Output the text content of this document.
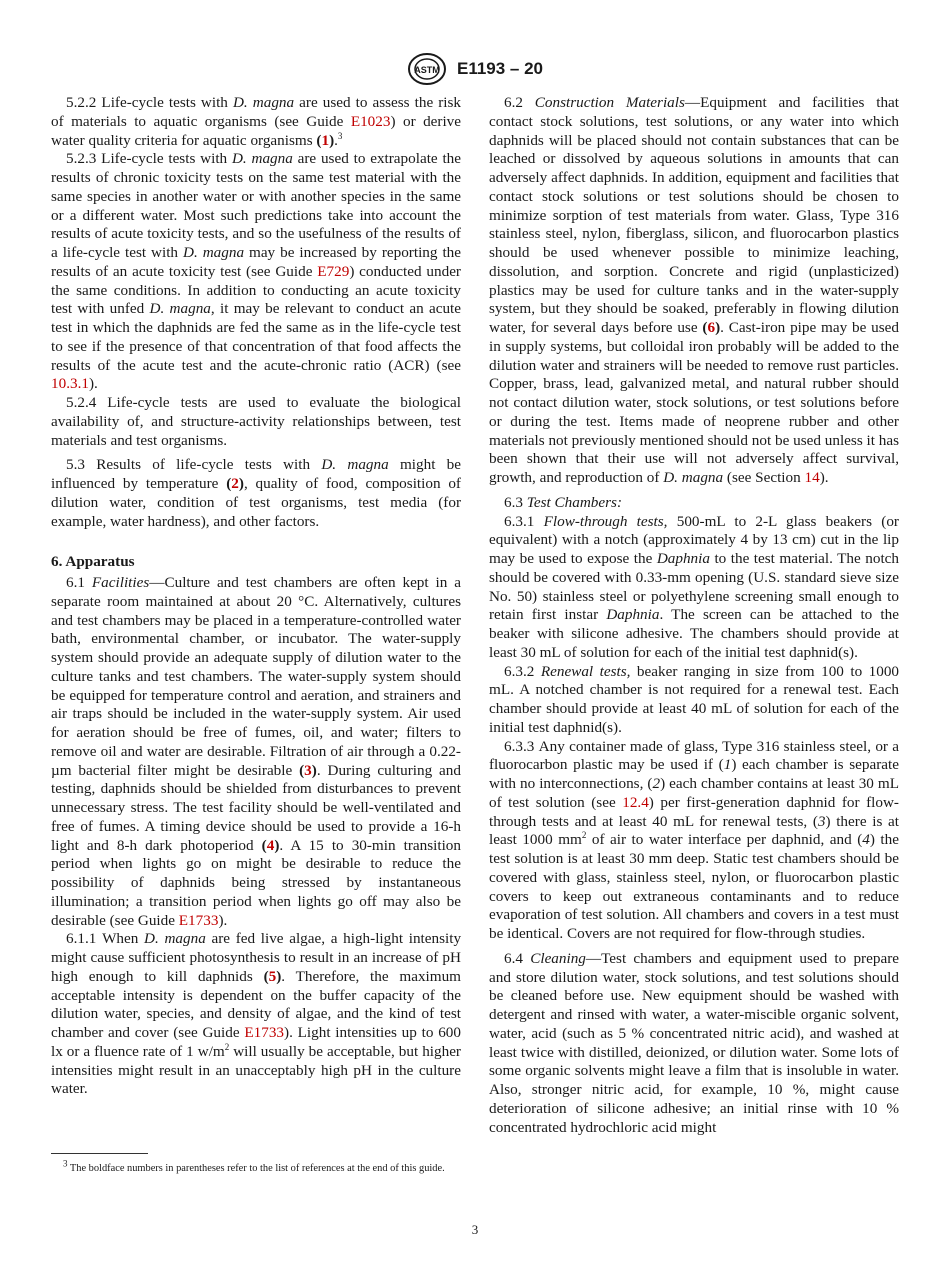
ASTM E1193 – 20

5.2.2 Life-cycle tests with D. magna are used to assess the risk of materials to aquatic organisms (see Guide E1023) or derive water quality criteria for aquatic organisms (1).$^3$

5.2.3 Life-cycle tests with D. magna are used to extrapolate the results of chronic toxicity tests on the same test material with the same species in another water or with another species in the same or a different water. Most such predictions take into account the results of acute toxicity tests, and so the usefulness of the results of a life-cycle test with D. magna may be increased by reporting the results of an acute toxicity test (see Guide E729) conducted under the same conditions. In addition to conducting an acute toxicity test with unfed D. magna, it may be relevant to conduct an acute test in which the daphnids are fed the same as in the life-cycle test to see if the presence of that concentration of that food affects the results of the acute test and the acute-chronic ratio (ACR) (see 10.3.1).

5.2.4 Life-cycle tests are used to evaluate the biological availability of, and structure-activity relationships between, test materials and test organisms.

5.3 Results of life-cycle tests with D. magna might be influenced by temperature (2), quality of food, composition of dilution water, condition of test organisms, test media (for example, water hardness), and other factors.

6. Apparatus

6.1 Facilities—Culture and test chambers are often kept in a separate room maintained at about 20 °C. Alternatively, cultures and test chambers may be placed in a temperature-controlled water bath, environmental chamber, or incubator. The water-supply system should provide an adequate supply of dilution water to the culture tanks and test chambers. The water-supply system should be equipped for temperature control and aeration, and strainers and air traps should be included in the water-supply system. Air used for aeration should be free of fumes, oil, and water; filters to remove oil and water are desirable. Filtration of air through a 0.22-µm bacterial filter might be desirable (3). During culturing and testing, daphnids should be shielded from disturbances to prevent unnecessary stress. The test facility should be well-ventilated and free of fumes. A timing device should be used to provide a 16-h light and 8-h dark photoperiod (4). A 15 to 30-min transition period when lights go on might be desirable to reduce the possibility of daphnids being stressed by instantaneous illumination; a transition period when lights go off may also be desirable (see Guide E1733).

6.1.1 When D. magna are fed live algae, a high-light intensity might cause sufficient photosynthesis to result in an increase of pH high enough to kill daphnids (5). Therefore, the maximum acceptable intensity is dependent on the buffer capacity of the dilution water, species, and density of algae, and the kind of test chamber and cover (see Guide E1733). Light intensities up to 600 lx or a fluence rate of 1 $w/m^2$ will usually be acceptable, but higher intensities might result in an unacceptably high pH in the culture water.

6.2 Construction Materials—Equipment and facilities that contact stock solutions, test solutions, or any water into which daphnids will be placed should not contain substances that can be leached or dissolved by aqueous solutions in amounts that can adversely affect daphnids. In addition, equipment and facilities that contact stock solutions or test solutions should be chosen to minimize sorption of test materials from water. Glass, Type 316 stainless steel, nylon, fiberglass, silicon, and fluorocarbon plastics should be used whenever possible to minimize leaching, dissolution, and sorption. Concrete and rigid (unplasticized) plastics may be used for culture tanks and in the water-supply system, but they should be soaked, preferably in flowing dilution water, for several days before use (6). Cast-iron pipe may be used in supply systems, but colloidal iron probably will be added to the dilution water and strainers will be needed to remove rust particles. Copper, brass, lead, galvanized metal, and natural rubber should not contact dilution water, stock solutions, or test solutions before or during the test. Items made of neoprene rubber and other materials not previously mentioned should not be used unless it has been shown that their use will not adversely affect survival, growth, and reproduction of D. magna (see Section 14).

6.3 Test Chambers:

6.3.1 Flow-through tests, 500-mL to 2-L glass beakers (or equivalent) with a notch (approximately 4 by 13 cm) cut in the lip may be used to expose the Daphnia to the test material. The notch should be covered with 0.33-mm opening (U.S. standard sieve size No. 50) stainless steel or polyethylene screening small enough to retain first instar Daphnia. The screen can be attached to the beaker with silicone adhesive. The chambers should provide at least 30 mL of solution for each of the initial test daphnid(s).

6.3.2 Renewal tests, beaker ranging in size from 100 to 1000 mL. A notched chamber is not required for a renewal test. Each chamber should provide at least 40 mL of solution for each of the initial test daphnid(s).

6.3.3 Any container made of glass, Type 316 stainless steel, or a fluorocarbon plastic may be used if (1) each chamber is separate with no interconnections, (2) each chamber contains at least 30 mL of test solution (see 12.4) per first-generation daphnid for flow-through tests and at least 40 mL for renewal tests, (3) there is at least 1000 $mm^2$ of air to water interface per daphnid, and (4) the test solution is at least 30 mm deep. Static test chambers should be covered with glass, stainless steel, nylon, or fluorocarbon plastic covers to keep out extraneous contaminants and to reduce evaporation of test solution. All chambers and covers in a test must be identical. Covers are not required for flow-through studies.

6.4 Cleaning—Test chambers and equipment used to prepare and store dilution water, stock solutions, and test solutions should be cleaned before use. New equipment should be washed with detergent and rinsed with water, a water-miscible organic solvent, water, acid (such as 5 % concentrated nitric acid), and washed at least twice with distilled, deionized, or dilution water. Some lots of some organic solvents might leave a film that is insoluble in water. Also, stronger nitric acid, for example, 10 %, might cause deterioration of silicone adhesive; an initial rinse with 10 % concentrated hydrochloric acid might

$^3$ The boldface numbers in parentheses refer to the list of references at the end of this guide.

3
